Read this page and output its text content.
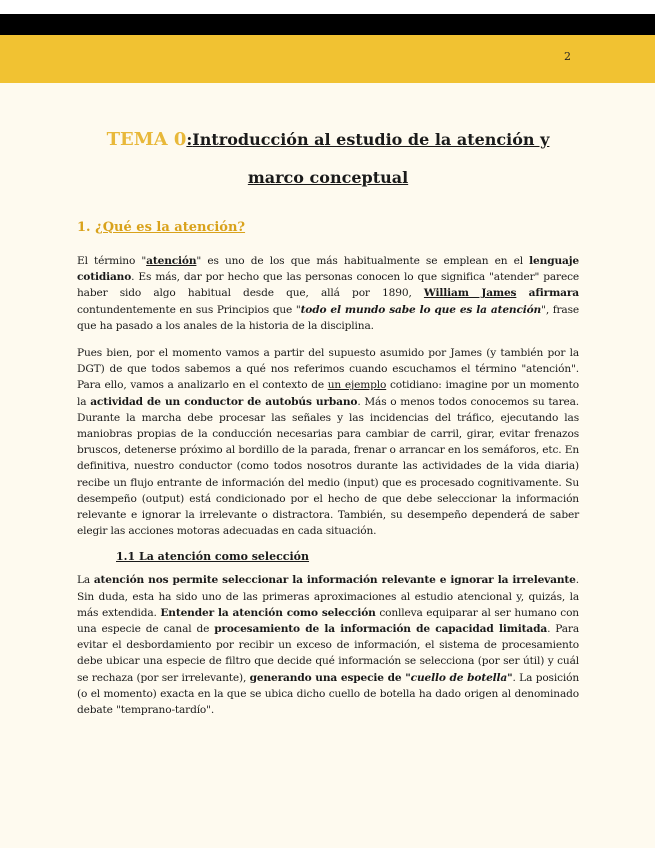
2
TEMA 0:Introducción al estudio de la atención y marco conceptual
1. ¿Qué es la atención?

El término "atención" es uno de los que más habitualmente se emplean en el lenguaje cotidiano. Es más, dar por hecho que las personas conocen lo que significa "atender" parece haber sido algo habitual desde que, allá por 1890, William James afirmara contundentemente en sus Principios que "todo el mundo sabe lo que es la atención", frase que ha pasado a los anales de la historia de la disciplina.

Pues bien, por el momento vamos a partir del supuesto asumido por James (y también por la DGT) de que todos sabemos a qué nos referimos cuando escuchamos el término "atención". Para ello, vamos a analizarlo en el contexto de un ejemplo cotidiano: imagine por un momento la actividad de un conductor de autobús urbano. Más o menos todos conocemos su tarea. Durante la marcha debe procesar las señales y las incidencias del tráfico, ejecutando las maniobras propias de la conducción necesarias para cambiar de carril, girar, evitar frenazos bruscos, detenerse próximo al bordillo de la parada, frenar o arrancar en los semáforos, etc. En definitiva, nuestro conductor (como todos nosotros durante las actividades de la vida diaria) recibe un flujo entrante de información del medio (input) que es procesado cognitivamente. Su desempeño (output) está condicionado por el hecho de que debe seleccionar la información relevante e ignorar la irrelevante o distractora. También, su desempeño dependerá de saber elegir las acciones motoras adecuadas en cada situación.

1.1 La atención como selección

La atención nos permite seleccionar la información relevante e ignorar la irrelevante. Sin duda, esta ha sido uno de las primeras aproximaciones al estudio atencional y, quizás, la más extendida. Entender la atención como selección conlleva equiparar al ser humano con una especie de canal de procesamiento de la información de capacidad limitada. Para evitar el desbordamiento por recibir un exceso de información, el sistema de procesamiento debe ubicar una especie de filtro que decide qué información se selecciona (por ser útil) y cuál se rechaza (por ser irrelevante), generando una especie de "cuello de botella". La posición (o el momento) exacta en la que se ubica dicho cuello de botella ha dado origen al denominado debate "temprano-tardío".
